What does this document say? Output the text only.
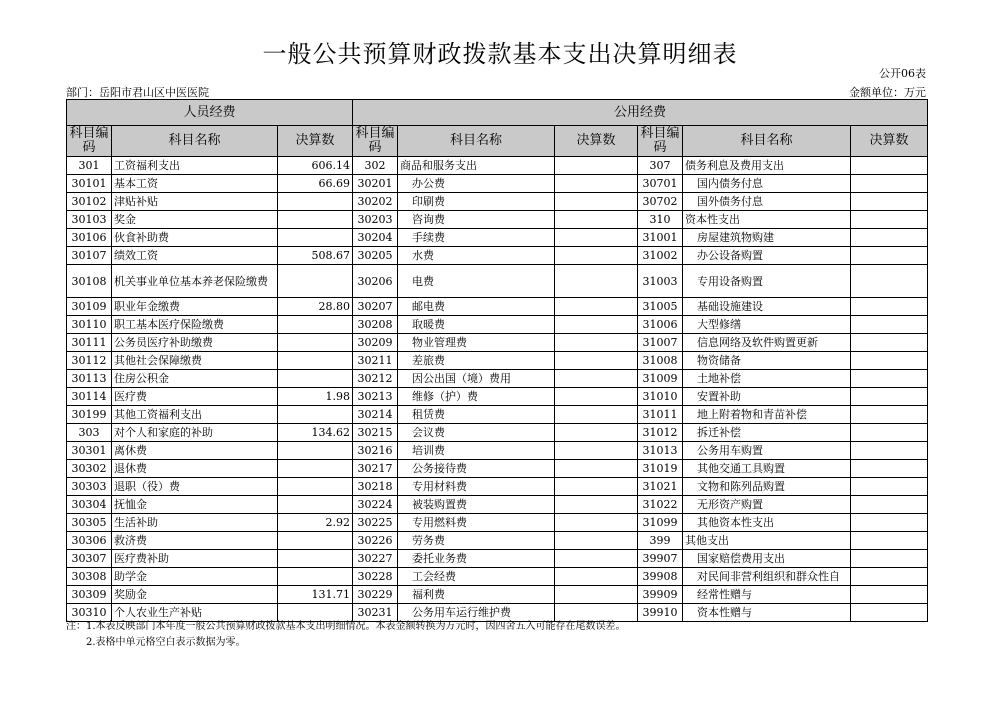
一般公共预算财政拨款基本支出决算明细表
公开06表
部门：岳阳市君山区中医医院	金额单位：万元
人员经费			公用经费					
科目编码	科目名称	决算数	科目编码	科目名称	决算数	科目编码	科目名称	决算数
301	工资福利支出	606.14	302	商品和服务支出		307	债务利息及费用支出	
30101	基本工资	66.69	30201	办公费		30701	国内债务付息	
30102	津贴补贴		30202	印刷费		30702	国外债务付息	
30103	奖金		30203	咨询费		310	资本性支出	
30106	伙食补助费		30204	手续费		31001	房屋建筑物购建	
30107	绩效工资	508.67	30205	水费		31002	办公设备购置	
30108	机关事业单位基本养老保险缴费		30206	电费		31003	专用设备购置	
30109	职业年金缴费	28.80	30207	邮电费		31005	基础设施建设	
30110	职工基本医疗保险缴费		30208	取暖费		31006	大型修缮	
30111	公务员医疗补助缴费		30209	物业管理费		31007	信息网络及软件购置更新	
30112	其他社会保障缴费		30211	差旅费		31008	物资储备	
30113	住房公积金		30212	因公出国（境）费用		31009	土地补偿	
30114	医疗费	1.98	30213	维修（护）费		31010	安置补助	
30199	其他工资福利支出		30214	租赁费		31011	地上附着物和青苗补偿	
303	对个人和家庭的补助	134.62	30215	会议费		31012	拆迁补偿	
30301	离休费		30216	培训费		31013	公务用车购置	
30302	退休费		30217	公务接待费		31019	其他交通工具购置	
30303	退职（役）费		30218	专用材料费		31021	文物和陈列品购置	
30304	抚恤金		30224	被装购置费		31022	无形资产购置	
30305	生活补助	2.92	30225	专用燃料费		31099	其他资本性支出	
30306	救济费		30226	劳务费		399	其他支出	
30307	医疗费补助		30227	委托业务费		39907	国家赔偿费用支出	
30308	助学金		30228	工会经费		39908	对民间非营利组织和群众性自	
30309	奖励金	131.71	30229	福利费		39909	经常性赠与	
30310	个人农业生产补贴		30231	公务用车运行维护费		39910	资本性赠与	
注：1.本表反映部门本年度一般公共预算财政拨款基本支出明细情况。本表金额转换为万元时，因四舍五入可能存在尾数误差。
2.表格中单元格空白表示数据为零。
